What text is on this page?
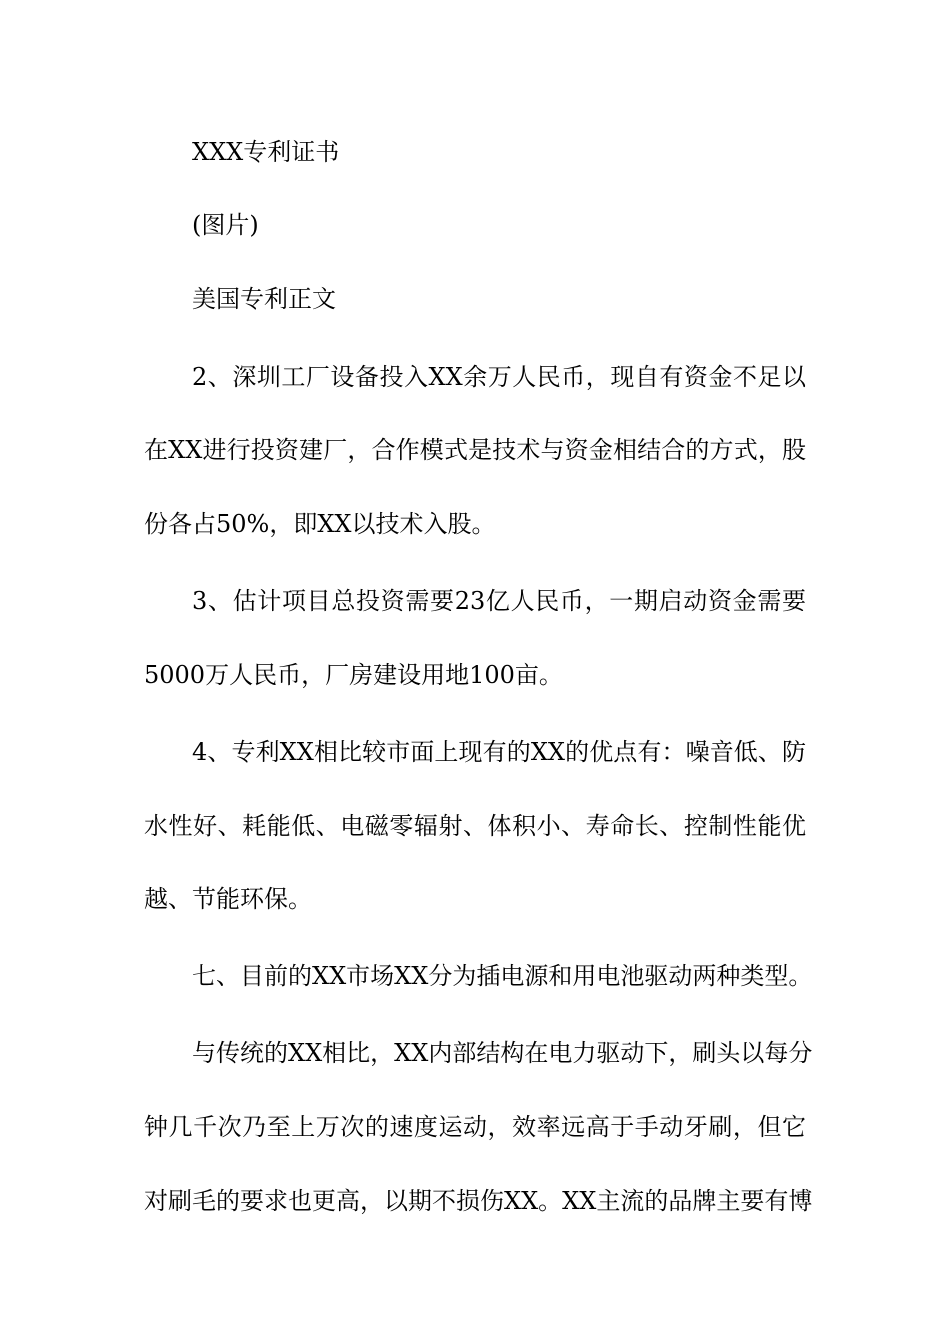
XXX专利证书
(图片)
美国专利正文
2、深圳工厂设备投入XX余万人民币，现自有资金不足以
在XX进行投资建厂，合作模式是技术与资金相结合的方式，股
份各占50%，即XX以技术入股。
3、估计项目总投资需要23亿人民币，一期启动资金需要
5000万人民币，厂房建设用地100亩。
4、专利XX相比较市面上现有的XX的优点有：噪音低、防
水性好、耗能低、电磁零辐射、体积小、寿命长、控制性能优
越、节能环保。
七、目前的XX市场XX分为插电源和用电池驱动两种类型。
与传统的XX相比，XX内部结构在电力驱动下，刷头以每分
钟几千次乃至上万次的速度运动，效率远高于手动牙刷，但它
对刷毛的要求也更高，以期不损伤XX。XX主流的品牌主要有博
